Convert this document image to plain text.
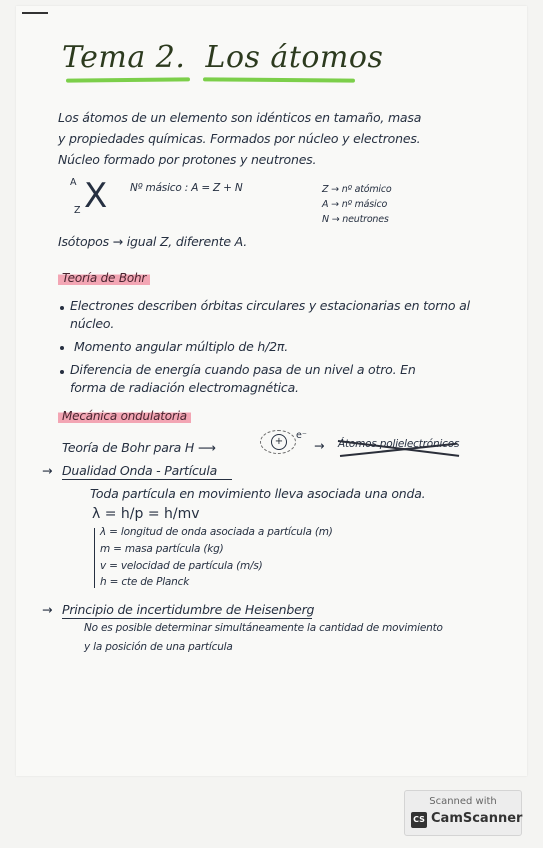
Tema 2. Los átomos
Los átomos de un elemento son idénticos en tamaño, masa
y propiedades químicas. Formados por núcleo y electrones.
Núcleo formado por protones y neutrones.
A X
Z
Nº másico : A = Z + N	Z → nº atómico
A → nº másico
N → neutrones
Isótopos → igual Z, diferente A.
Teoría de Bohr
Electrones describen órbitas circulares y estacionarias en torno al
núcleo.
Momento angular múltiplo de h/2π.
Diferencia de energía cuando pasa de un nivel a otro. En
forma de radiación electromagnética.
Mecánica ondulatoria
Teoría de Bohr para H ⟶	+
e⁻
→ Átomos polielectrónicos
→ Dualidad Onda - Partícula
Toda partícula en movimiento lleva asociada una onda.
λ = h/p = h/mv
λ = longitud de onda asociada a partícula (m)
m = masa partícula (kg)
v = velocidad de partícula (m/s)
h = cte de Planck
→ Principio de incertidumbre de Heisenberg
No es posible determinar simultáneamente la cantidad de movimiento
y la posición de una partícula
Scanned with
CS CamScanner
